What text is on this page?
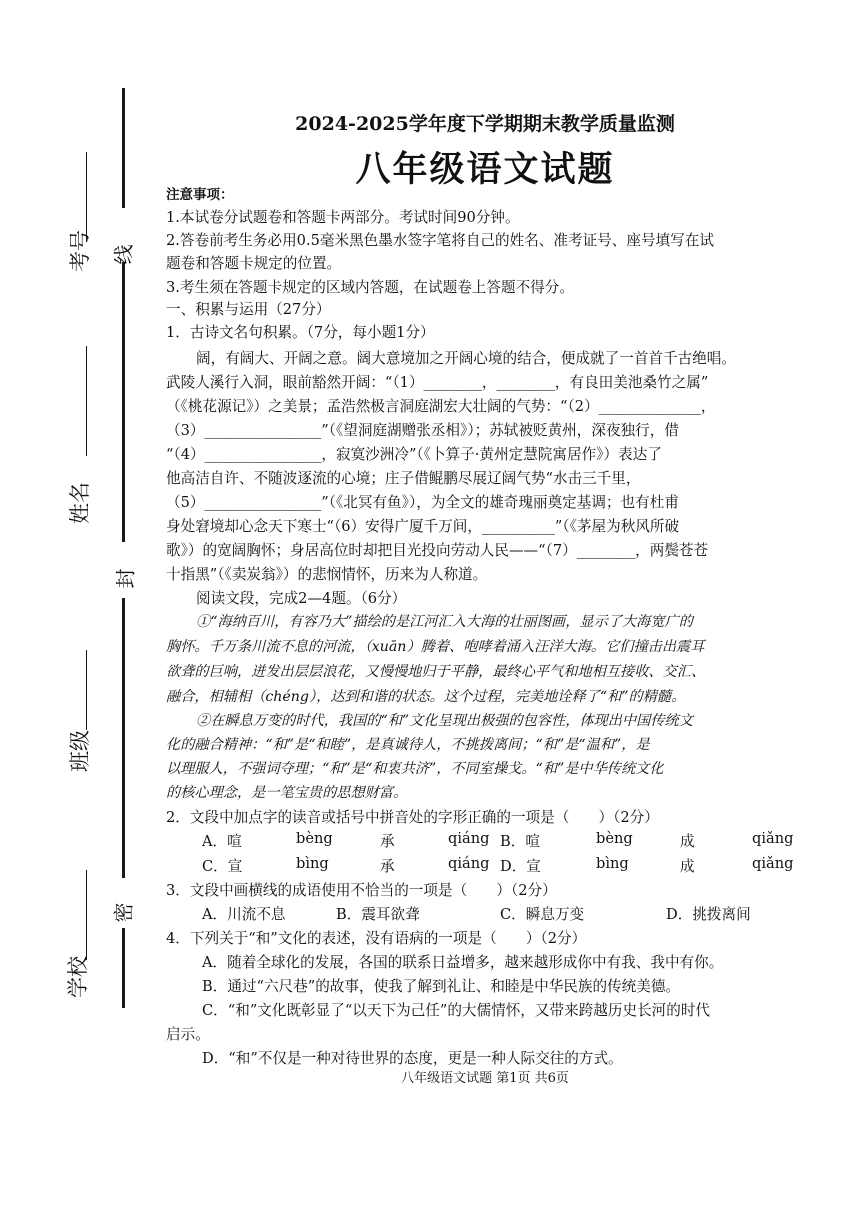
考号 线
姓名
封
班级
密
学校
2024-2025学年度下学期期末教学质量监测
八年级语文试题
注意事项：
1.本试卷分试题卷和答题卡两部分。考试时间90分钟。
2.答卷前考生务必用0.5毫米黑色墨水签字笔将自己的姓名、准考证号、座号填写在试
题卷和答题卡规定的位置。
3.考生须在答题卡规定的区域内答题，在试题卷上答题不得分。
一、积累与运用（27分）
1．古诗文名句积累。（7分，每小题1分）
阔，有阔大、开阔之意。阔大意境加之开阔心境的结合，便成就了一首首千古绝唱。
武陵人溪行入洞，眼前豁然开阔：“（1）________，________，有良田美池桑竹之属”
（《桃花源记》）之美景；孟浩然极言洞庭湖宏大壮阔的气势：“（2）______________，
（3）________________”（《望洞庭湖赠张丞相》）；苏轼被贬黄州，深夜独行，借
“（4）________________，寂寞沙洲冷”（《卜算子·黄州定慧院寓居作》）表达了
他高洁自许、不随波逐流的心境；庄子借鲲鹏尽展辽阔气势“水击三千里，
（5）________________”（《北冥有鱼》），为全文的雄奇瑰丽奠定基调；也有杜甫
身处窘境却心念天下寒士“（6）安得广厦千万间，__________”（《茅屋为秋风所破
歌》）的宽阔胸怀；身居高位时却把目光投向劳动人民——“（7）________，两鬓苍苍
十指黑”（《卖炭翁》）的悲悯情怀，历来为人称道。
阅读文段，完成2—4题。（6分）
①“海纳百川，有容乃大”描绘的是江河汇入大海的壮丽图画，显示了大海宽广的
胸怀。千万条川流不息的河流，（xuān）腾着、咆哮着涌入汪洋大海。它们撞击出震耳
欲聋的巨响，迸发出层层浪花，又慢慢地归于平静，最终心平气和地相互接收、交汇、
融合，相辅相（chéng），达到和谐的状态。这个过程，完美地诠释了“和”的精髓。
②在瞬息万变的时代，我国的“和”文化呈现出极强的包容性，体现出中国传统文
化的融合精神：“和”是“和睦”，是真诚待人，不挑拨离间；“和”是“温和”，是
以理服人，不强词夺理；“和”是“和衷共济”，不同室操戈。“和”是中华传统文化
的核心理念，是一笔宝贵的思想财富。
2．文段中加点字的读音或括号中拼音处的字形正确的一项是（　　）（2分）
A．喧	bèng	承	qiáng B．喧	bèng	成	qiǎng
C．宣	bìng	承	qiáng D．宣	bìng	成	qiǎng
3．文段中画横线的成语使用不恰当的一项是（　　）（2分）
A．川流不息	B．震耳欲聋	C．瞬息万变	D．挑拨离间
4．下列关于“和”文化的表述，没有语病的一项是（　　）（2分）
A．随着全球化的发展，各国的联系日益增多，越来越形成你中有我、我中有你。
B．通过“六尺巷”的故事，使我了解到礼让、和睦是中华民族的传统美德。
C．“和”文化既彰显了“以天下为己任”的大儒情怀，又带来跨越历史长河的时代
启示。
D．“和”不仅是一种对待世界的态度，更是一种人际交往的方式。
八年级语文试题 第1页 共6页
